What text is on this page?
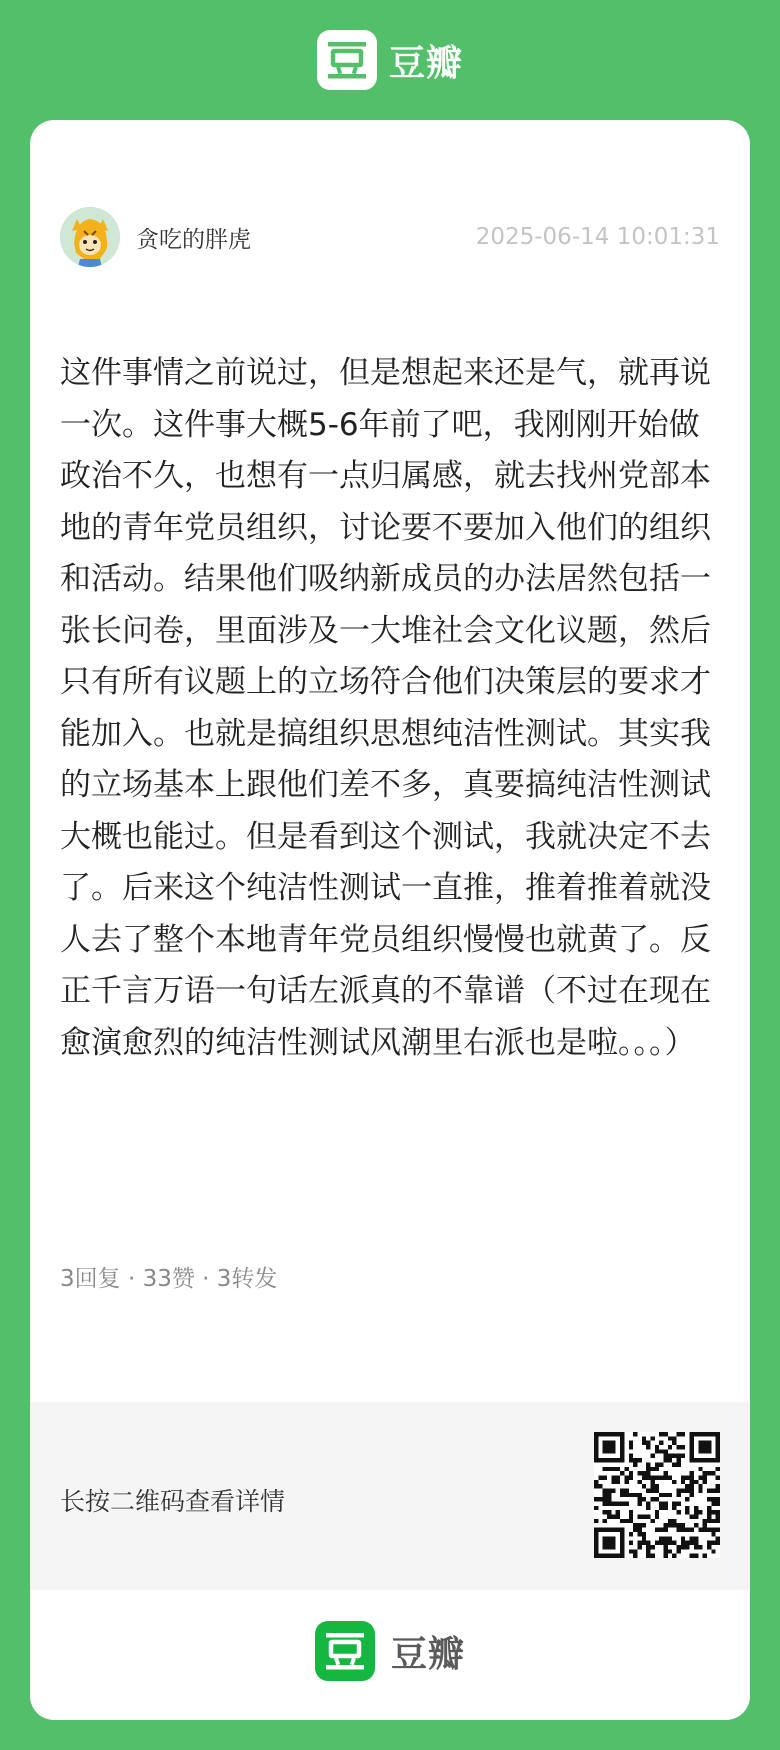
豆瓣
贪吃的胖虎	2025-06-14 10:01:31

这件事情之前说过，但是想起来还是气，就再说一次。这件事大概5-6年前了吧，我刚刚开始做政治不久，也想有一点归属感，就去找州党部本地的青年党员组织，讨论要不要加入他们的组织和活动。结果他们吸纳新成员的办法居然包括一张长问卷，里面涉及一大堆社会文化议题，然后只有所有议题上的立场符合他们决策层的要求才能加入。也就是搞组织思想纯洁性测试。其实我的立场基本上跟他们差不多，真要搞纯洁性测试大概也能过。但是看到这个测试，我就决定不去了。后来这个纯洁性测试一直推，推着推着就没人去了整个本地青年党员组织慢慢也就黄了。反正千言万语一句话左派真的不靠谱（不过在现在愈演愈烈的纯洁性测试风潮里右派也是啦。。。）

3回复 · 33赞 · 3转发
长按二维码查看详情
豆瓣
